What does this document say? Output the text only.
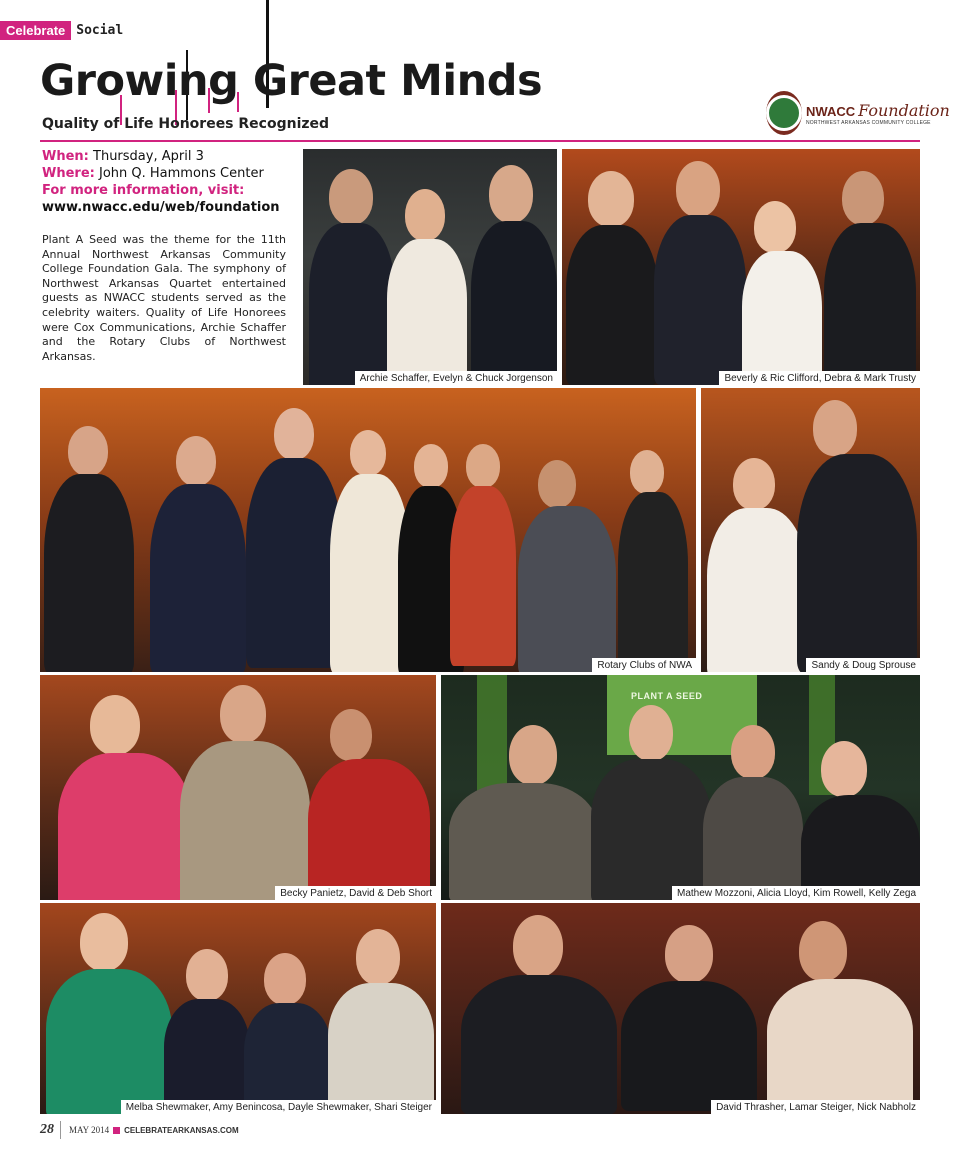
Celebrate Social
Growing Great Minds
Quality of Life Honorees Recognized
NWACC Foundation
NORTHWEST ARKANSAS COMMUNITY COLLEGE
When: Thursday, April 3
Where: John Q. Hammons Center
For more information, visit:
www.nwacc.edu/web/foundation
Plant A Seed was the theme for the 11th Annual Northwest Arkansas Community College Foundation Gala. The symphony of Northwest Arkansas Quartet entertained guests as NWACC students served as the celebrity waiters. Quality of Life Honorees were Cox Communications, Archie Schaffer and the Rotary Clubs of Northwest Arkansas.
Archie Schaffer, Evelyn & Chuck Jorgenson	Beverly & Ric Clifford, Debra & Mark Trusty
Rotary Clubs of NWA	Sandy & Doug Sprouse
Becky Panietz, David & Deb Short
PLANT A SEED
Mathew Mozzoni, Alicia Lloyd, Kim Rowell, Kelly Zega
Melba Shewmaker, Amy Benincosa, Dayle Shewmaker, Shari Steiger	David Thrasher, Lamar Steiger, Nick Nabholz
28 MAY 2014 CELEBRATEARKANSAS.COM
